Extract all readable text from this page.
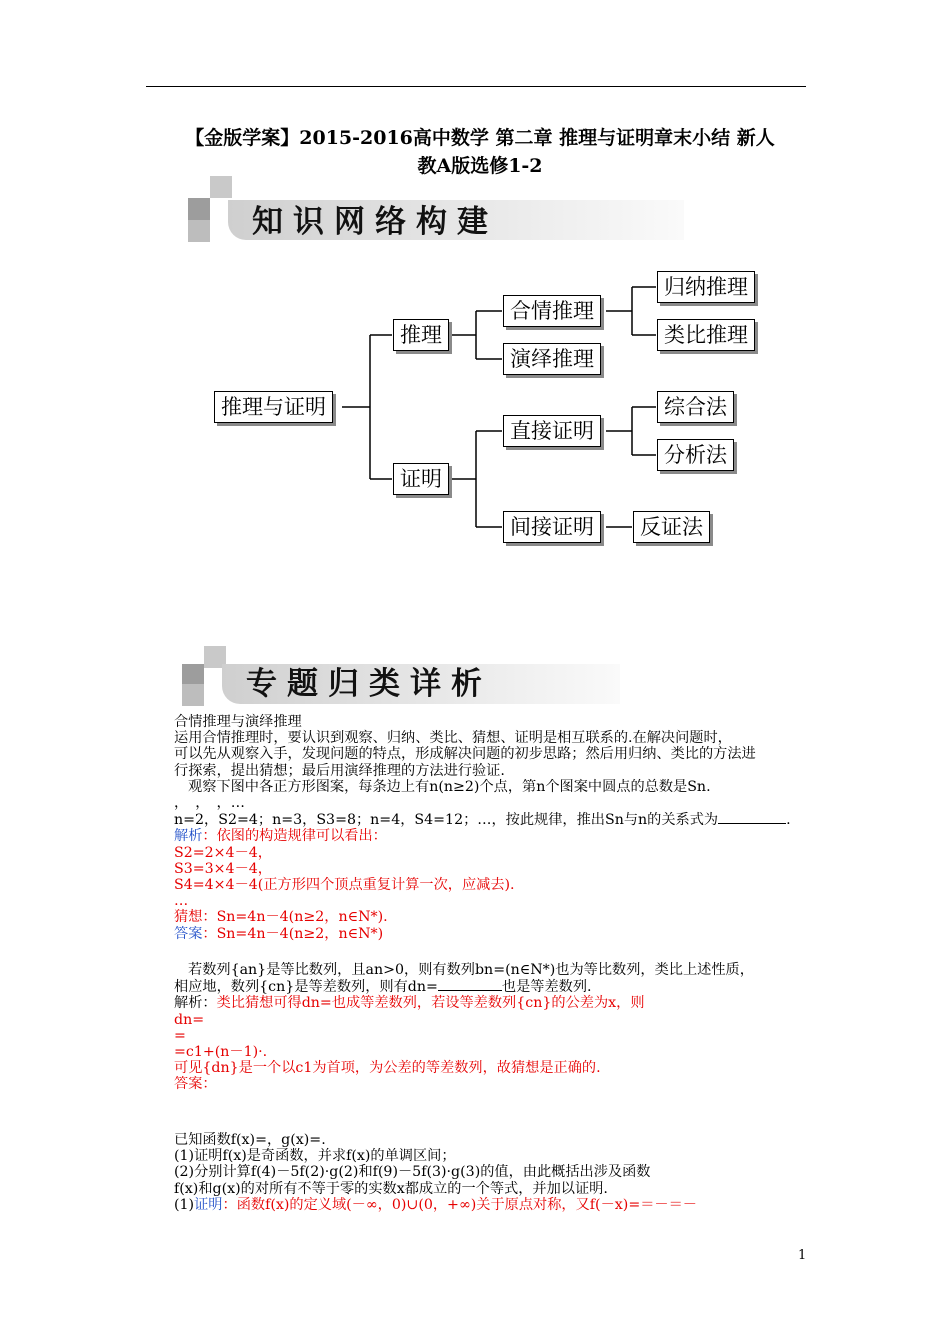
【金版学案】2015-2016高中数学 第二章 推理与证明章末小结 新人
教A版选修1-2
知识网络构建
推理与证明
推理
证明
合情推理
演绎推理
归纳推理
类比推理
直接证明
间接证明
综合法
分析法
反证法
专题归类详析

合情推理与演绎推理

运用合情推理时，要认识到观察、归纳、类比、猜想、证明是相互联系的.在解决问题时，

可以先从观察入手，发现问题的特点，形成解决问题的初步思路；然后用归纳、类比的方法进

行探索，提出猜想；最后用演绎推理的方法进行验证.

观察下图中各正方形图案，每条边上有n(n≥2)个点，第n个图案中圆点的总数是Sn.

，　，　，…

n=2，S2=4；n=3，S3=8；n=4，S4=12；…，按此规律，推出Sn与n的关系式为	.

解析：依图的构造规律可以看出：

S2=2×4－4，

S3=3×4－4，

S4=4×4－4(正方形四个顶点重复计算一次，应减去).

…

猜想：Sn=4n－4(n≥2，n∈N*).

答案：Sn=4n－4(n≥2，n∈N*)

若数列{an}是等比数列，且an>0，则有数列bn=(n∈N*)也为等比数列，类比上述性质，

相应地，数列{cn}是等差数列，则有dn=	也是等差数列.

解析：类比猜想可得dn=也成等差数列，若设等差数列{cn}的公差为x，则

dn=

=

=c1+(n－1)·.

可见{dn}是一个以c1为首项，为公差的等差数列，故猜想是正确的.

答案：

已知函数f(x)=，g(x)=.

(1)证明f(x)是奇函数，并求f(x)的单调区间；

(2)分别计算f(4)－5f(2)·g(2)和f(9)－5f(3)·g(3)的值，由此概括出涉及函数

f(x)和g(x)的对所有不等于零的实数x都成立的一个等式，并加以证明.

(1)证明：函数f(x)的定义域(－∞，0)∪(0，+∞)关于原点对称，又f(－x)=＝－＝－

1
